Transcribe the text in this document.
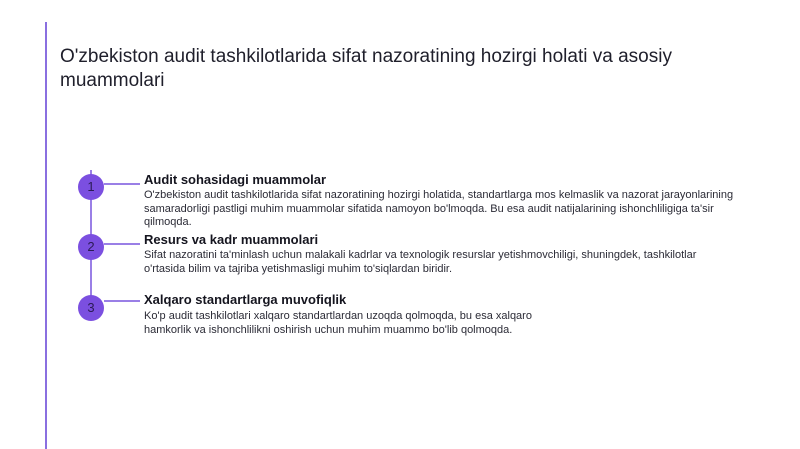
O'zbekiston audit tashkilotlarida sifat nazoratining hozirgi holati va asosiy muammolari
1	Audit sohasidagi muammolar

O'zbekiston audit tashkilotlarida sifat nazoratining hozirgi holatida, standartlarga mos kelmaslik va nazorat jarayonlarining samaradorligi pastligi muhim muammolar sifatida namoyon bo'lmoqda. Bu esa audit natijalarining ishonchliligiga ta'sir qilmoqda.

2	Resurs va kadr muammolari

Sifat nazoratini ta'minlash uchun malakali kadrlar va texnologik resurslar yetishmovchiligi, shuningdek, tashkilotlar o'rtasida bilim va tajriba yetishmasligi muhim to'siqlardan biridir.

3
Xalqaro standartlarga muvofiqlik

Ko'p audit tashkilotlari xalqaro standartlardan uzoqda qolmoqda, bu esa xalqaro hamkorlik va ishonchlilikni oshirish uchun muhim muammo bo'lib qolmoqda.
